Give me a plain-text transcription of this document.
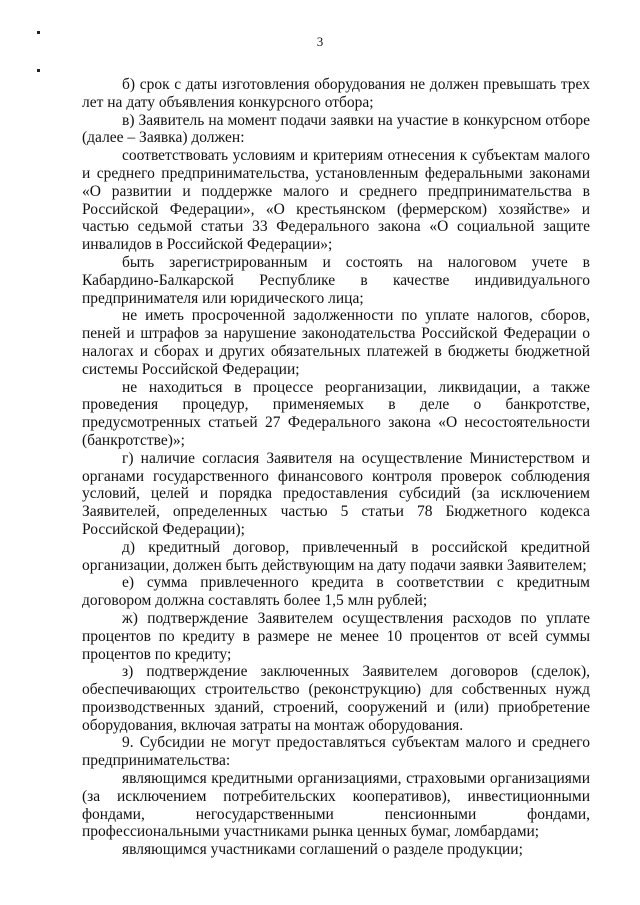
3

б) срок с даты изготовления оборудования не должен превышать трех лет на дату объявления конкурсного отбора;

в) Заявитель на момент подачи заявки на участие в конкурсном отборе (далее – Заявка) должен:

соответствовать условиям и критериям отнесения к субъектам малого и среднего предпринимательства, установленным федеральными законами «О развитии и поддержке малого и среднего предпринимательства в Российской Федерации», «О крестьянском (фермерском) хозяйстве» и частью седьмой статьи 33 Федерального закона «О социальной защите инвалидов в Российской Федерации»;

быть зарегистрированным и состоять на налоговом учете в Кабардино-Балкарской Республике в качестве индивидуального предпринимателя или юридического лица;

не иметь просроченной задолженности по уплате налогов, сборов, пеней и штрафов за нарушение законодательства Российской Федерации о налогах и сборах и других обязательных платежей в бюджеты бюджетной системы Российской Федерации;

не находиться в процессе реорганизации, ликвидации, а также проведения процедур, применяемых в деле о банкротстве, предусмотренных статьей 27 Федерального закона «О несостоятельности (банкротстве)»;

г) наличие согласия Заявителя на осуществление Министерством и органами государственного финансового контроля проверок соблюдения условий, целей и порядка предоставления субсидий (за исключением Заявителей, определенных частью 5 статьи 78 Бюджетного кодекса Российской Федерации);

д) кредитный договор, привлеченный в российской кредитной организации, должен быть действующим на дату подачи заявки Заявителем;

е) сумма привлеченного кредита в соответствии с кредитным договором должна составлять более 1,5 млн рублей;

ж) подтверждение Заявителем осуществления расходов по уплате процентов по кредиту в размере не менее 10 процентов от всей суммы процентов по кредиту;

з) подтверждение заключенных Заявителем договоров (сделок), обеспечивающих строительство (реконструкцию) для собственных нужд производственных зданий, строений, сооружений и (или) приобретение оборудования, включая затраты на монтаж оборудования.

9. Субсидии не могут предоставляться субъектам малого и среднего предпринимательства:

являющимся кредитными организациями, страховыми организациями (за исключением потребительских кооперативов), инвестиционными фондами, негосударственными пенсионными фондами, профессиональными участниками рынка ценных бумаг, ломбардами;

являющимся участниками соглашений о разделе продукции;
